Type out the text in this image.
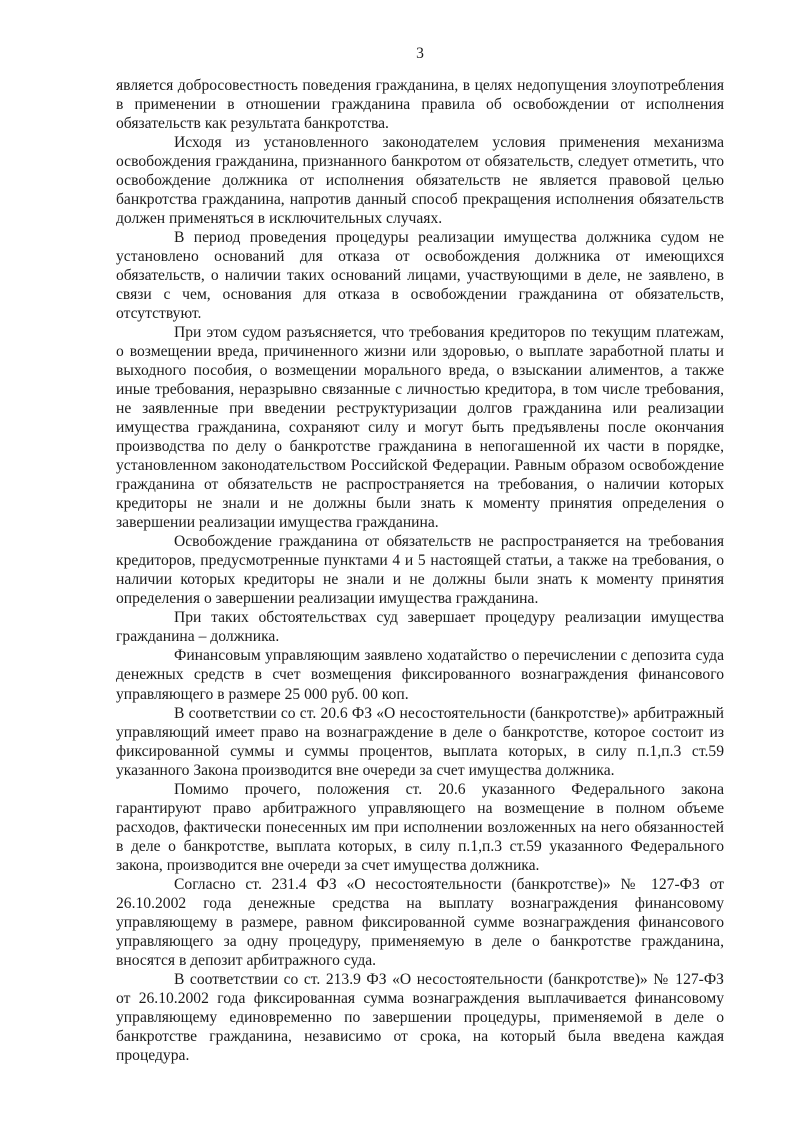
3

является добросовестность поведения гражданина, в целях недопущения злоупотребления в применении в отношении гражданина правила об освобождении от исполнения обязательств как результата банкротства.

Исходя из установленного законодателем условия применения механизма освобождения гражданина, признанного банкротом от обязательств, следует отметить, что освобождение должника от исполнения обязательств не является правовой целью банкротства гражданина, напротив данный способ прекращения исполнения обязательств должен применяться в исключительных случаях.

В период проведения процедуры реализации имущества должника судом не установлено оснований для отказа от освобождения должника от имеющихся обязательств, о наличии таких оснований лицами, участвующими в деле, не заявлено, в связи с чем, основания для отказа в освобождении гражданина от обязательств, отсутствуют.

При этом судом разъясняется, что требования кредиторов по текущим платежам, о возмещении вреда, причиненного жизни или здоровью, о выплате заработной платы и выходного пособия, о возмещении морального вреда, о взыскании алиментов, а также иные требования, неразрывно связанные с личностью кредитора, в том числе требования, не заявленные при введении реструктуризации долгов гражданина или реализации имущества гражданина, сохраняют силу и могут быть предъявлены после окончания производства по делу о банкротстве гражданина в непогашенной их части в порядке, установленном законодательством Российской Федерации. Равным образом освобождение гражданина от обязательств не распространяется на требования, о наличии которых кредиторы не знали и не должны были знать к моменту принятия определения о завершении реализации имущества гражданина.

Освобождение гражданина от обязательств не распространяется на требования кредиторов, предусмотренные пунктами 4 и 5 настоящей статьи, а также на требования, о наличии которых кредиторы не знали и не должны были знать к моменту принятия определения о завершении реализации имущества гражданина.

При таких обстоятельствах суд завершает процедуру реализации имущества гражданина – должника.

Финансовым управляющим заявлено ходатайство о перечислении с депозита суда денежных средств в счет возмещения фиксированного вознаграждения финансового управляющего в размере 25 000 руб. 00 коп.

В соответствии со ст. 20.6 ФЗ «О несостоятельности (банкротстве)» арбитражный управляющий имеет право на вознаграждение в деле о банкротстве, которое состоит из фиксированной суммы и суммы процентов, выплата которых, в силу п.1,п.3 ст.59 указанного Закона производится вне очереди за счет имущества должника.

Помимо прочего, положения ст. 20.6 указанного Федерального закона гарантируют право арбитражного управляющего на возмещение в полном объеме расходов, фактически понесенных им при исполнении возложенных на него обязанностей в деле о банкротстве, выплата которых, в силу п.1,п.3 ст.59 указанного Федерального закона, производится вне очереди за счет имущества должника.

Согласно ст. 231.4 ФЗ «О несостоятельности (банкротстве)» № 127-ФЗ от 26.10.2002 года денежные средства на выплату вознаграждения финансовому управляющему в размере, равном фиксированной сумме вознаграждения финансового управляющего за одну процедуру, применяемую в деле о банкротстве гражданина, вносятся в депозит арбитражного суда.

В соответствии со ст. 213.9 ФЗ «О несостоятельности (банкротстве)» № 127-ФЗ от 26.10.2002 года фиксированная сумма вознаграждения выплачивается финансовому управляющему единовременно по завершении процедуры, применяемой в деле о банкротстве гражданина, независимо от срока, на который была введена каждая процедура.
